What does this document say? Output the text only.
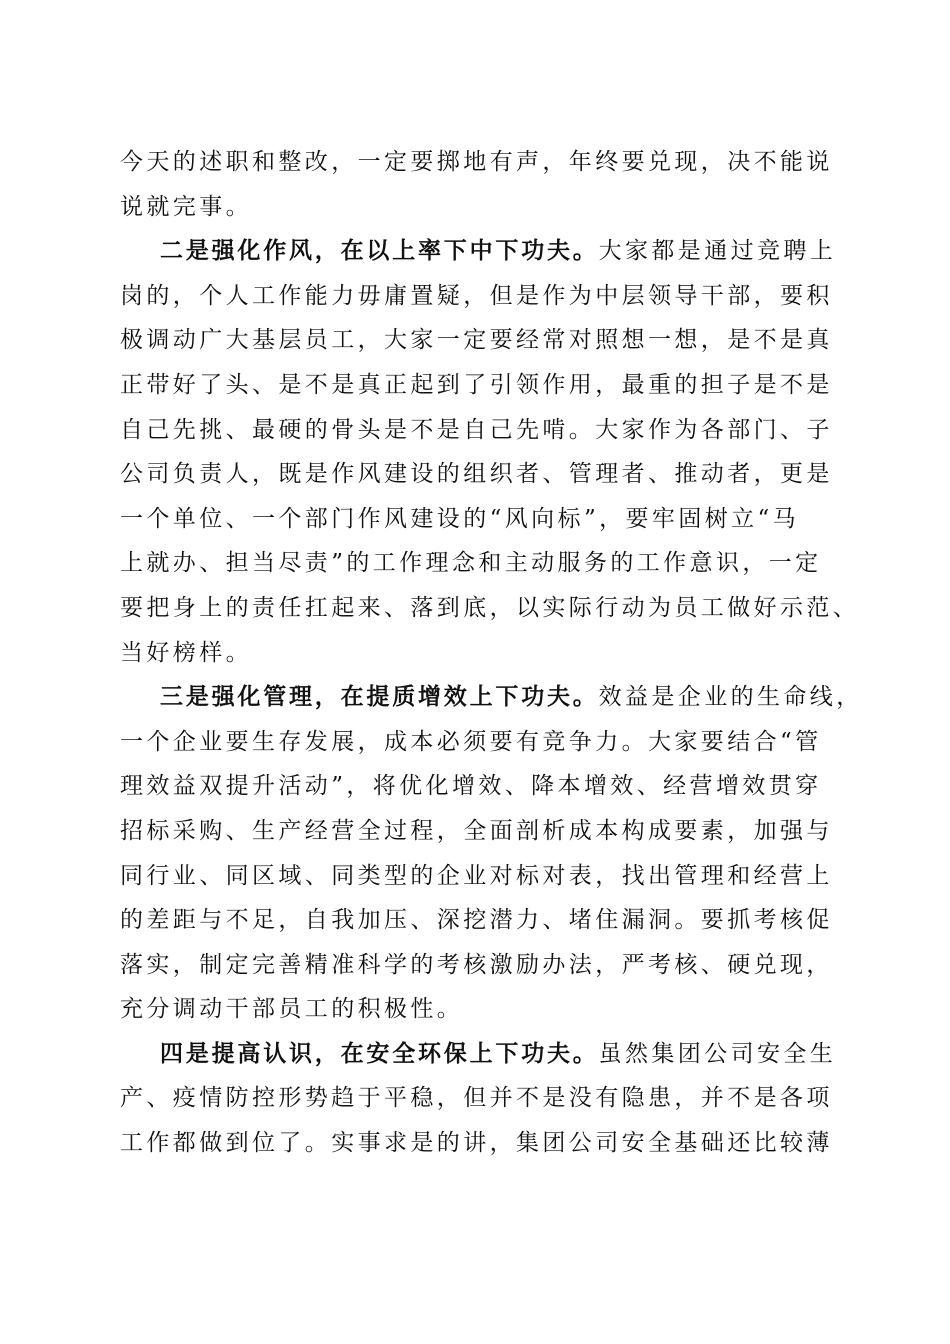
今天的述职和整改，一定要掷地有声，年终要兑现，决不能说
说就完事。
二是强化作风，在以上率下中下功夫。大家都是通过竞聘上
岗的，个人工作能力毋庸置疑，但是作为中层领导干部，要积
极调动广大基层员工，大家一定要经常对照想一想，是不是真
正带好了头、是不是真正起到了引领作用，最重的担子是不是
自己先挑、最硬的骨头是不是自己先啃。大家作为各部门、子
公司负责人，既是作风建设的组织者、管理者、推动者，更是
一个单位、一个部门作风建设的“风向标”，要牢固树立“马
上就办、担当尽责”的工作理念和主动服务的工作意识，一定
要把身上的责任扛起来、落到底，以实际行动为员工做好示范、
当好榜样。
三是强化管理，在提质增效上下功夫。效益是企业的生命线，
一个企业要生存发展，成本必须要有竞争力。大家要结合“管
理效益双提升活动”，将优化增效、降本增效、经营增效贯穿
招标采购、生产经营全过程，全面剖析成本构成要素，加强与
同行业、同区域、同类型的企业对标对表，找出管理和经营上
的差距与不足，自我加压、深挖潜力、堵住漏洞。要抓考核促
落实，制定完善精准科学的考核激励办法，严考核、硬兑现，
充分调动干部员工的积极性。
四是提高认识，在安全环保上下功夫。虽然集团公司安全生
产、疫情防控形势趋于平稳，但并不是没有隐患，并不是各项
工作都做到位了。实事求是的讲，集团公司安全基础还比较薄
